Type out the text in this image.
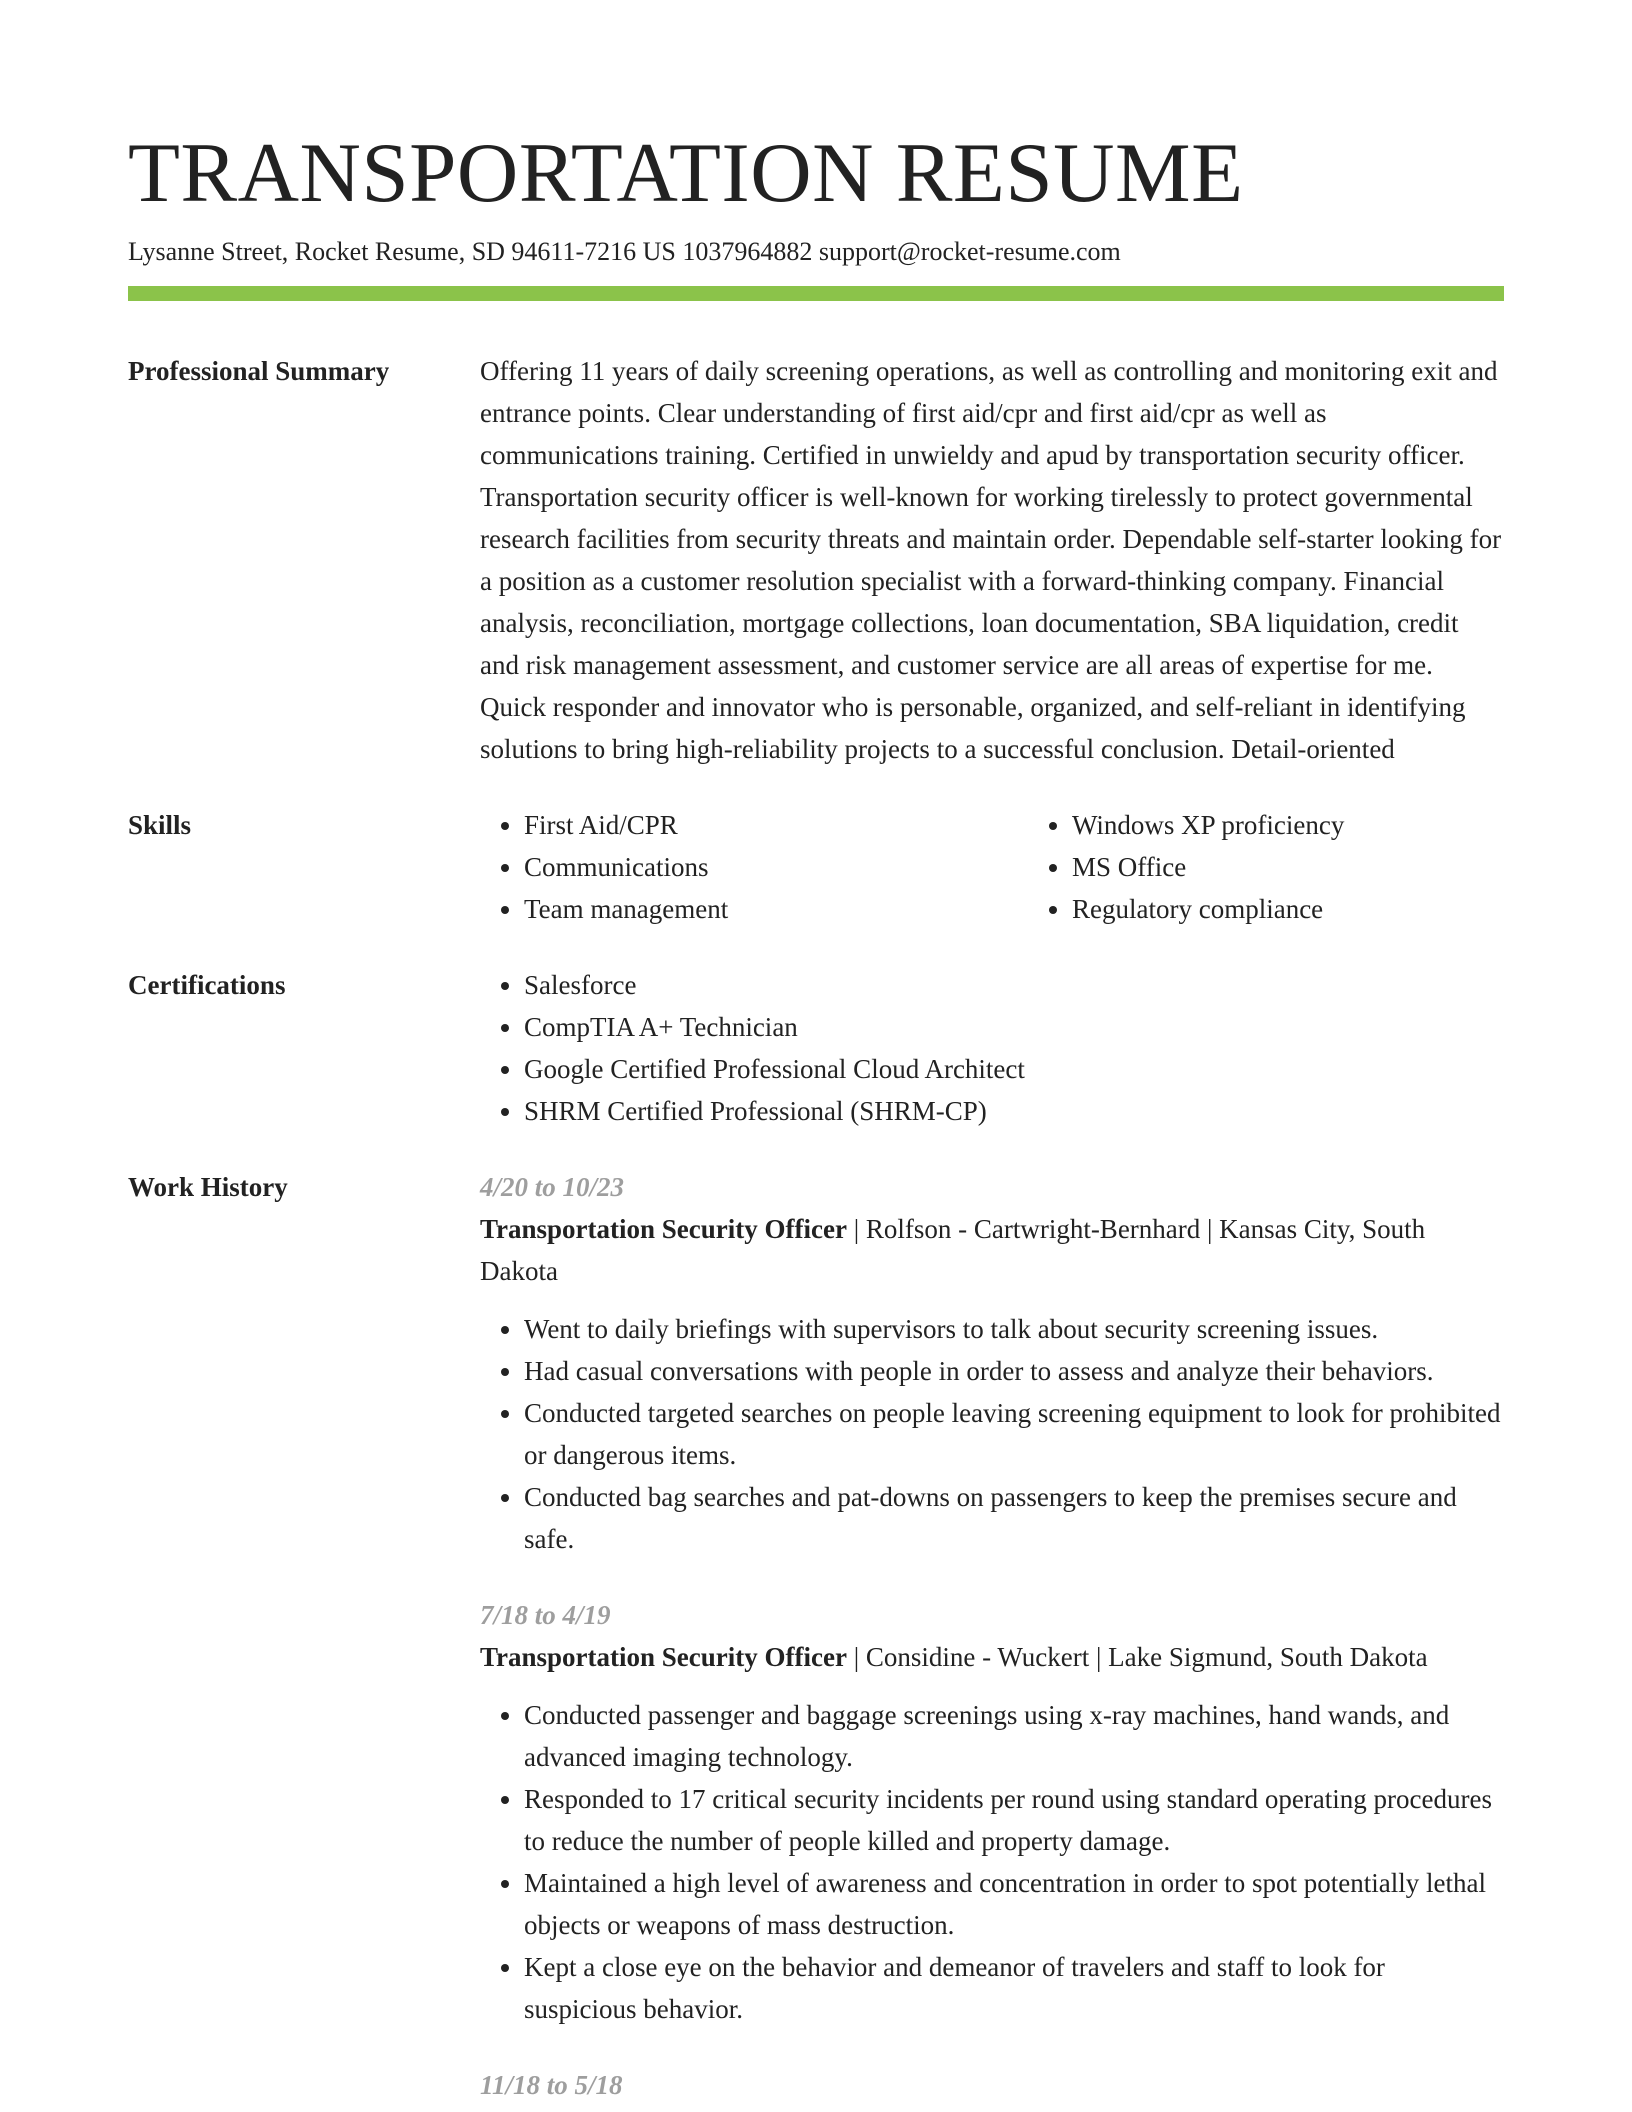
TRANSPORTATION RESUME
Lysanne Street, Rocket Resume, SD 94611-7216 US 1037964882 support@rocket-resume.com
Professional Summary	Offering 11 years of daily screening operations, as well as controlling and monitoring exit and entrance points. Clear understanding of first aid/cpr and first aid/cpr as well as communications training. Certified in unwieldy and apud by transportation security officer. Transportation security officer is well-known for working tirelessly to protect governmental research facilities from security threats and maintain order. Dependable self-starter looking for a position as a customer resolution specialist with a forward-thinking company. Financial analysis, reconciliation, mortgage collections, loan documentation, SBA liquidation, credit and risk management assessment, and customer service are all areas of expertise for me. Quick responder and innovator who is personable, organized, and self-reliant in identifying solutions to bring high-reliability projects to a successful conclusion. Detail-oriented

Skills	• First Aid/CPR
• Communications
• Team management
• Windows XP proficiency
• MS Office
• Regulatory compliance
Certifications	• Salesforce
• CompTIA A+ Technician
• Google Certified Professional Cloud Architect
• SHRM Certified Professional (SHRM-CP)
Work History	4/20 to 10/23
Transportation Security Officer | Rolfson - Cartwright-Bernhard | Kansas City, South Dakota
• Went to daily briefings with supervisors to talk about security screening issues.
• Had casual conversations with people in order to assess and analyze their behaviors.
• Conducted targeted searches on people leaving screening equipment to look for prohibited or dangerous items.
• Conducted bag searches and pat-downs on passengers to keep the premises secure and safe.
7/18 to 4/19
Transportation Security Officer | Considine - Wuckert | Lake Sigmund, South Dakota
• Conducted passenger and baggage screenings using x-ray machines, hand wands, and advanced imaging technology.
• Responded to 17 critical security incidents per round using standard operating procedures to reduce the number of people killed and property damage.
• Maintained a high level of awareness and concentration in order to spot potentially lethal objects or weapons of mass destruction.
• Kept a close eye on the behavior and demeanor of travelers and staff to look for suspicious behavior.
11/18 to 5/18
